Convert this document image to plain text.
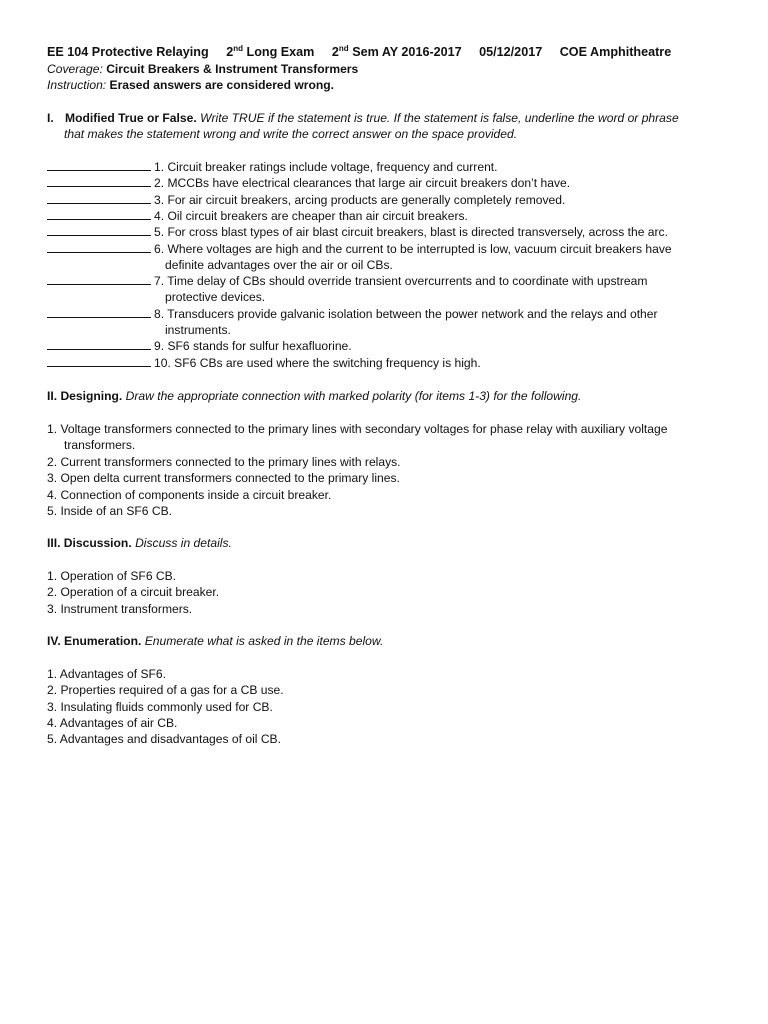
EE 104 Protective Relaying 2nd Long Exam 2nd Sem AY 2016-2017 05/12/2017 COE Amphitheatre
Coverage: Circuit Breakers & Instrument Transformers
Instruction: Erased answers are considered wrong.
I. Modified True or False. Write TRUE if the statement is true. If the statement is false, underline the word or phrase
that makes the statement wrong and write the correct answer on the space provided.
1. Circuit breaker ratings include voltage, frequency and current.
2. MCCBs have electrical clearances that large air circuit breakers don’t have.
3. For air circuit breakers, arcing products are generally completely removed.
4. Oil circuit breakers are cheaper than air circuit breakers.
5. For cross blast types of air blast circuit breakers, blast is directed transversely, across the arc.
6. Where voltages are high and the current to be interrupted is low, vacuum circuit breakers have
definite advantages over the air or oil CBs.
7. Time delay of CBs should override transient overcurrents and to coordinate with upstream
protective devices.
8. Transducers provide galvanic isolation between the power network and the relays and other
instruments.
9. SF6 stands for sulfur hexafluorine.
10. SF6 CBs are used where the switching frequency is high.
II. Designing. Draw the appropriate connection with marked polarity (for items 1-3) for the following.
1. Voltage transformers connected to the primary lines with secondary voltages for phase relay with auxiliary voltage
transformers.
2. Current transformers connected to the primary lines with relays.
3. Open delta current transformers connected to the primary lines.
4. Connection of components inside a circuit breaker.
5. Inside of an SF6 CB.
III. Discussion. Discuss in details.
1. Operation of SF6 CB.
2. Operation of a circuit breaker.
3. Instrument transformers.
IV. Enumeration. Enumerate what is asked in the items below.
1. Advantages of SF6.
2. Properties required of a gas for a CB use.
3. Insulating fluids commonly used for CB.
4. Advantages of air CB.
5. Advantages and disadvantages of oil CB.
